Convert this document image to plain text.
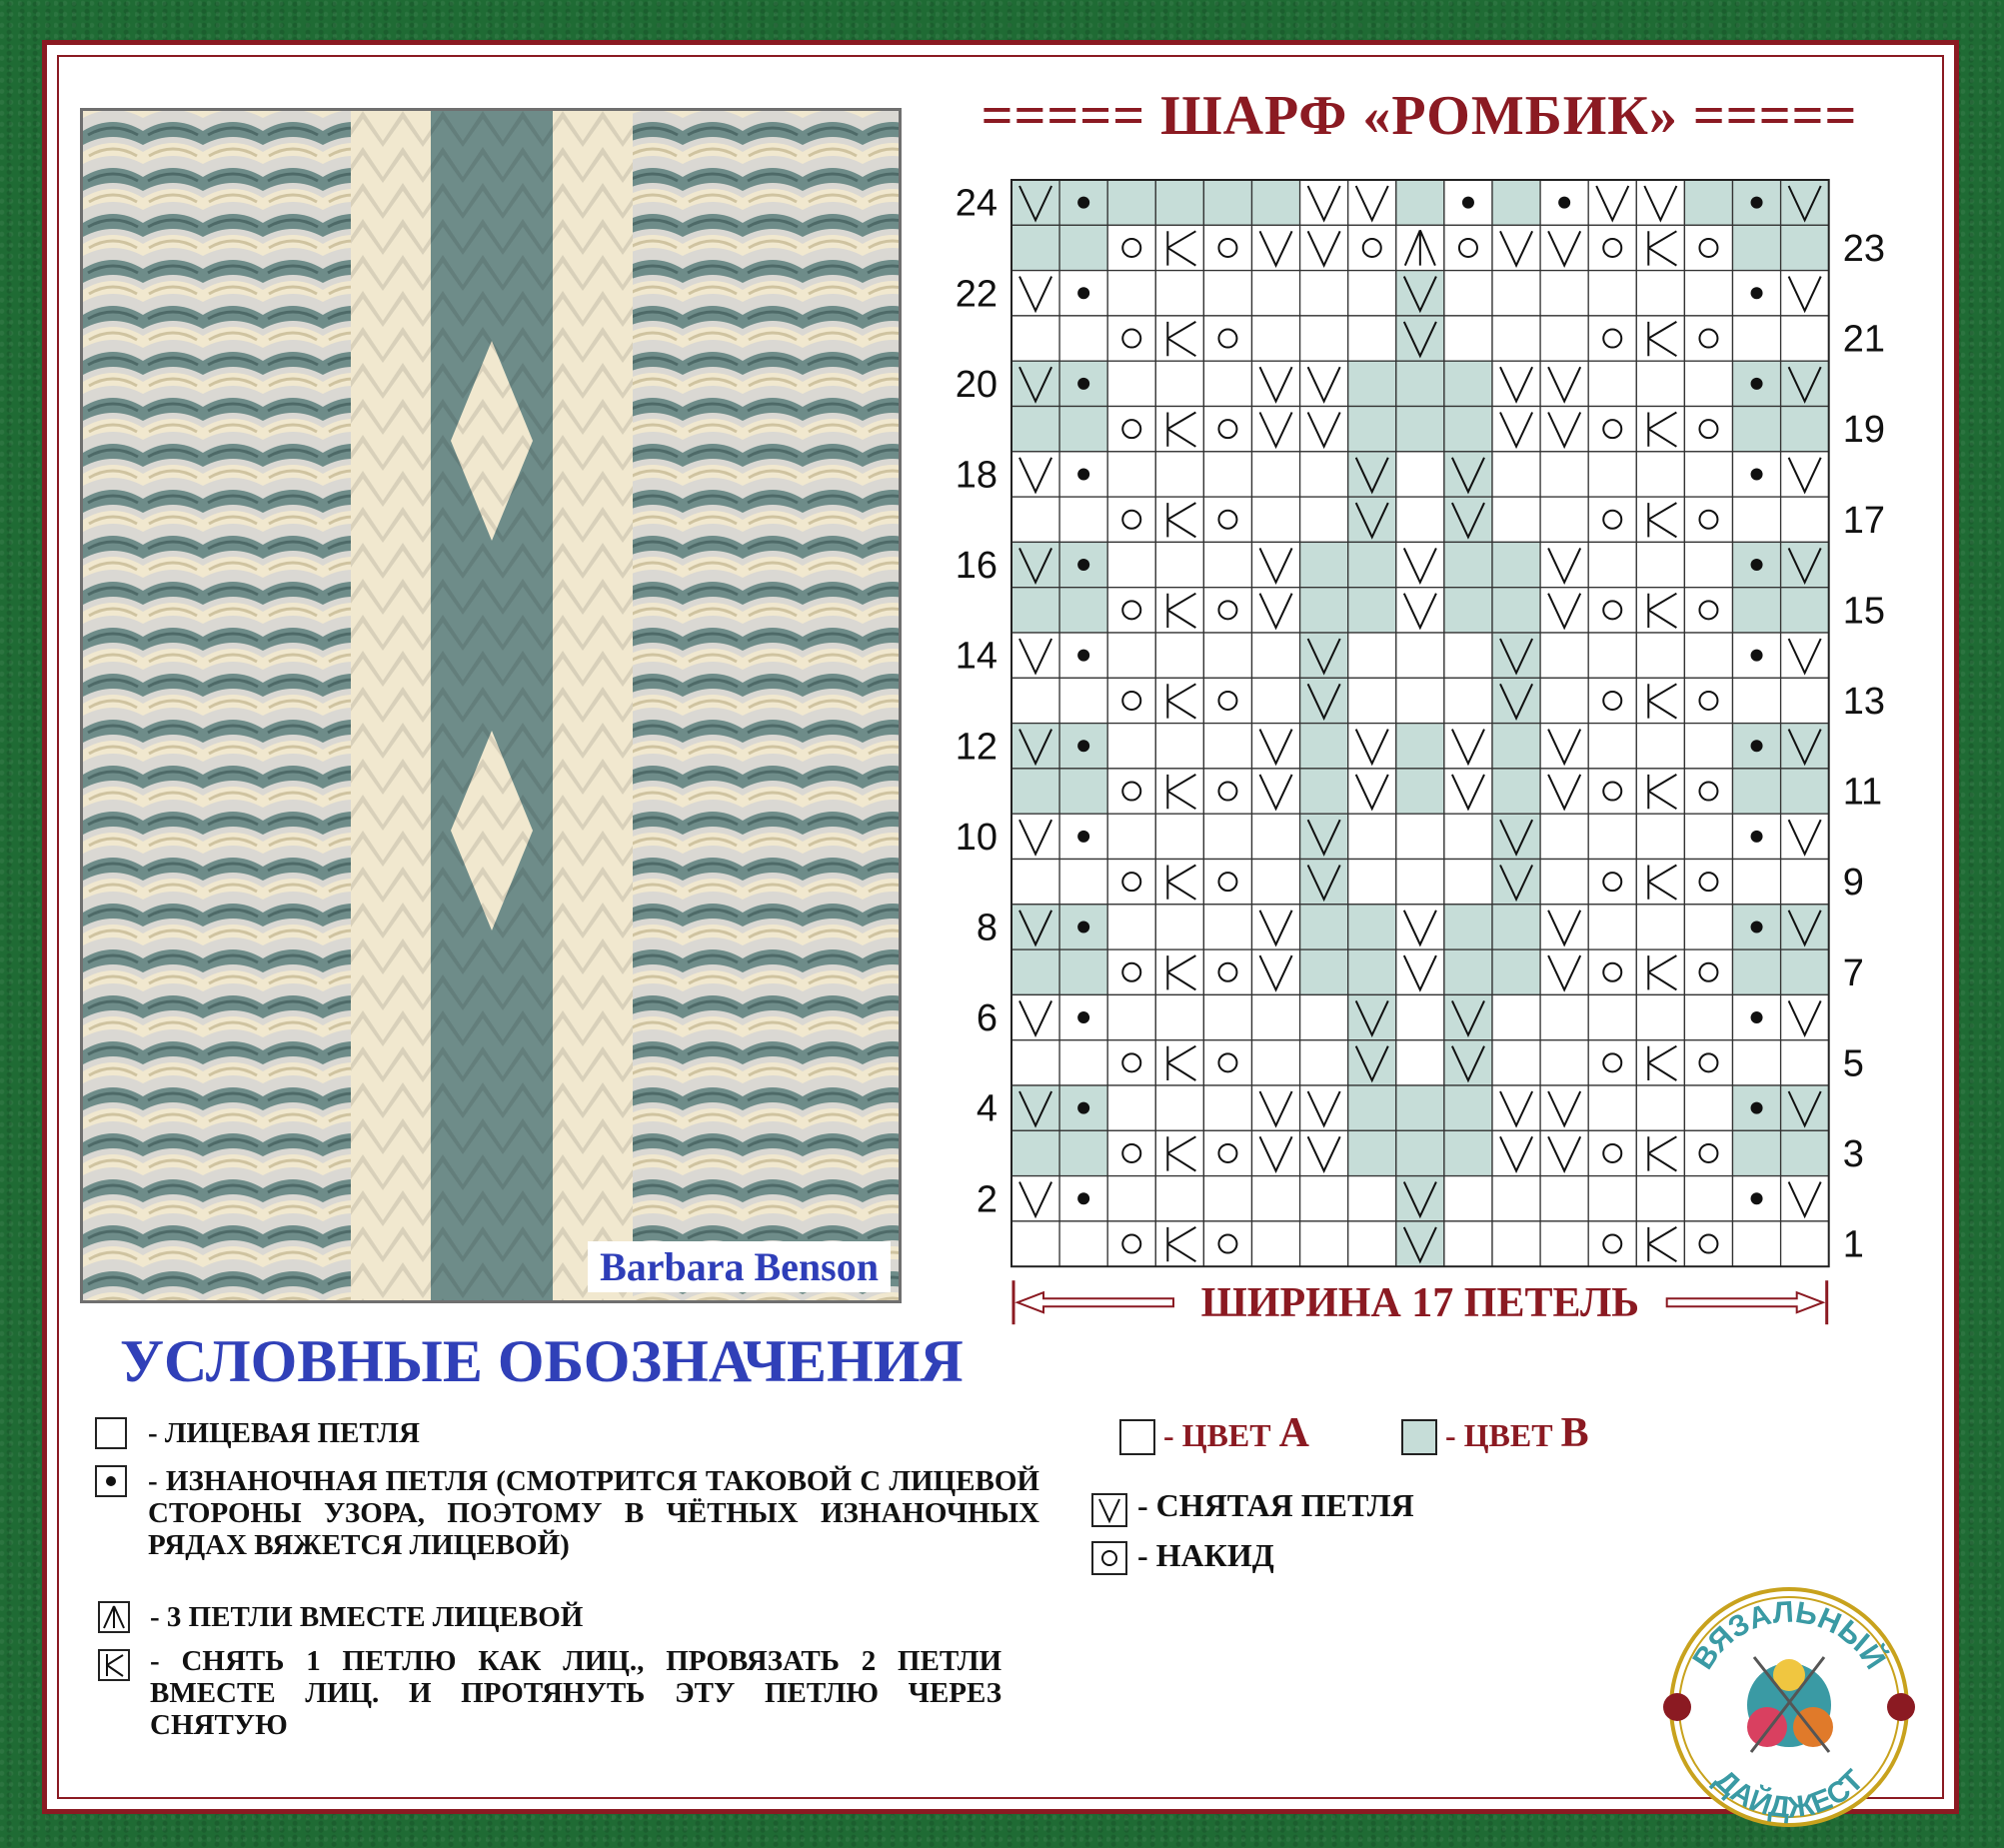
Barbara Benson
===== ШАРФ «РОМБИК» =====
24
22
20
18
16
14
12
10
8
6
4
2
23
21
19
17
15
13
11
9
7
5
3
1
ШИРИНА 17 ПЕТЕЛЬ
УСЛОВНЫЕ ОБОЗНАЧЕНИЯ
- ЛИЦЕВАЯ ПЕТЛЯ
- ИЗНАНОЧНАЯ ПЕТЛЯ (СМОТРИТСЯ ТАКОВОЙ С ЛИЦЕВОЙ СТОРОНЫ УЗОРА, ПОЭТОМУ В ЧЁТНЫХ ИЗНАНОЧНЫХ РЯДАХ ВЯЖЕТСЯ ЛИЦЕВОЙ)
- 3 ПЕТЛИ ВМЕСТЕ ЛИЦЕВОЙ
- СНЯТЬ 1 ПЕТЛЮ КАК ЛИЦ., ПРОВЯЗАТЬ 2 ПЕТЛИ ВМЕСТЕ ЛИЦ. И ПРОТЯНУТЬ ЭТУ ПЕТЛЮ ЧЕРЕЗ СНЯТУЮ
- ЦВЕТ А	- ЦВЕТ В
- СНЯТАЯ ПЕТЛЯ
- НАКИД
ВЯЗАЛЬНЫЙ
ДАЙДЖЕСТ
